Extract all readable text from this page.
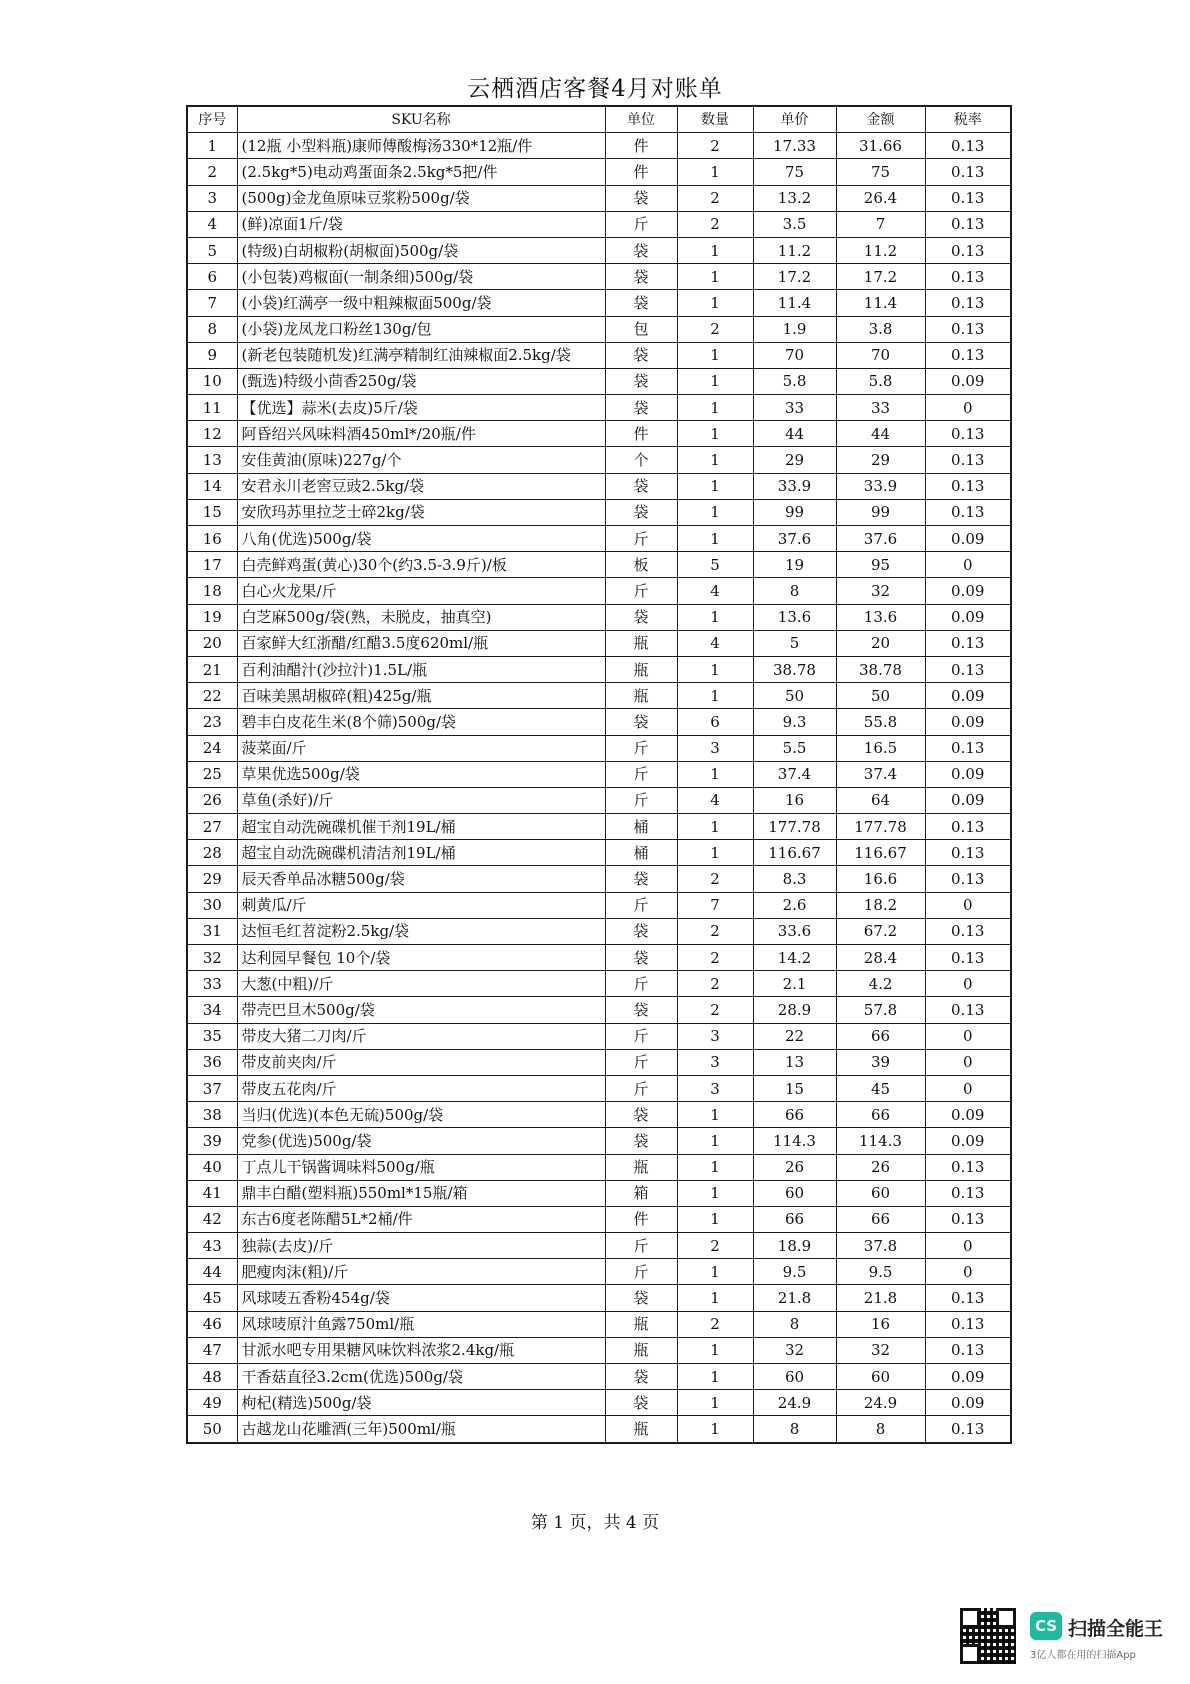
云栖酒店客餐4月对账单
序号	SKU名称	单位	数量	单价	金额	税率
1	(12瓶 小型料瓶)康师傅酸梅汤330*12瓶/件	件	2	17.33	31.66	0.13
2	(2.5kg*5)电动鸡蛋面条2.5kg*5把/件	件	1	75	75	0.13
3	(500g)金龙鱼原味豆浆粉500g/袋	袋	2	13.2	26.4	0.13
4	(鲜)凉面1斤/袋	斤	2	3.5	7	0.13
5	(特级)白胡椒粉(胡椒面)500g/袋	袋	1	11.2	11.2	0.13
6	(小包装)鸡椒面(一制条细)500g/袋	袋	1	17.2	17.2	0.13
7	(小袋)红满亭一级中粗辣椒面500g/袋	袋	1	11.4	11.4	0.13
8	(小袋)龙凤龙口粉丝130g/包	包	2	1.9	3.8	0.13
9	(新老包装随机发)红满亭精制红油辣椒面2.5kg/袋	袋	1	70	70	0.13
10	(甄选)特级小茴香250g/袋	袋	1	5.8	5.8	0.09
11	【优选】蒜米(去皮)5斤/袋	袋	1	33	33	0
12	阿昏绍兴风味料酒450ml*/20瓶/件	件	1	44	44	0.13
13	安佳黄油(原味)227g/个	个	1	29	29	0.13
14	安君永川老窖豆豉2.5kg/袋	袋	1	33.9	33.9	0.13
15	安欣玛苏里拉芝士碎2kg/袋	袋	1	99	99	0.13
16	八角(优选)500g/袋	斤	1	37.6	37.6	0.09
17	白壳鲜鸡蛋(黄心)30个(约3.5-3.9斤)/板	板	5	19	95	0
18	白心火龙果/斤	斤	4	8	32	0.09
19	白芝麻500g/袋(熟，未脱皮，抽真空)	袋	1	13.6	13.6	0.09
20	百家鲜大红浙醋/红醋3.5度620ml/瓶	瓶	4	5	20	0.13
21	百利油醋汁(沙拉汁)1.5L/瓶	瓶	1	38.78	38.78	0.13
22	百味美黑胡椒碎(粗)425g/瓶	瓶	1	50	50	0.09
23	碧丰白皮花生米(8个筛)500g/袋	袋	6	9.3	55.8	0.09
24	菠菜面/斤	斤	3	5.5	16.5	0.13
25	草果优选500g/袋	斤	1	37.4	37.4	0.09
26	草鱼(杀好)/斤	斤	4	16	64	0.09
27	超宝自动洗碗碟机催干剂19L/桶	桶	1	177.78	177.78	0.13
28	超宝自动洗碗碟机清洁剂19L/桶	桶	1	116.67	116.67	0.13
29	辰天香单品冰糖500g/袋	袋	2	8.3	16.6	0.13
30	刺黄瓜/斤	斤	7	2.6	18.2	0
31	达恒毛红苕淀粉2.5kg/袋	袋	2	33.6	67.2	0.13
32	达利园早餐包 10个/袋	袋	2	14.2	28.4	0.13
33	大葱(中粗)/斤	斤	2	2.1	4.2	0
34	带壳巴旦木500g/袋	袋	2	28.9	57.8	0.13
35	带皮大猪二刀肉/斤	斤	3	22	66	0
36	带皮前夹肉/斤	斤	3	13	39	0
37	带皮五花肉/斤	斤	3	15	45	0
38	当归(优选)(本色无硫)500g/袋	袋	1	66	66	0.09
39	党参(优选)500g/袋	袋	1	114.3	114.3	0.09
40	丁点儿干锅酱调味料500g/瓶	瓶	1	26	26	0.13
41	鼎丰白醋(塑料瓶)550ml*15瓶/箱	箱	1	60	60	0.13
42	东古6度老陈醋5L*2桶/件	件	1	66	66	0.13
43	独蒜(去皮)/斤	斤	2	18.9	37.8	0
44	肥瘦肉沫(粗)/斤	斤	1	9.5	9.5	0
45	风球唛五香粉454g/袋	袋	1	21.8	21.8	0.13
46	风球唛原汁鱼露750ml/瓶	瓶	2	8	16	0.13
47	甘派水吧专用果糖风味饮料浓浆2.4kg/瓶	瓶	1	32	32	0.13
48	干香菇直径3.2cm(优选)500g/袋	袋	1	60	60	0.09
49	枸杞(精选)500g/袋	袋	1	24.9	24.9	0.09
50	古越龙山花雕酒(三年)500ml/瓶	瓶	1	8	8	0.13
第 1 页，共 4 页
CS 扫描全能王
3亿人都在用的扫描App
